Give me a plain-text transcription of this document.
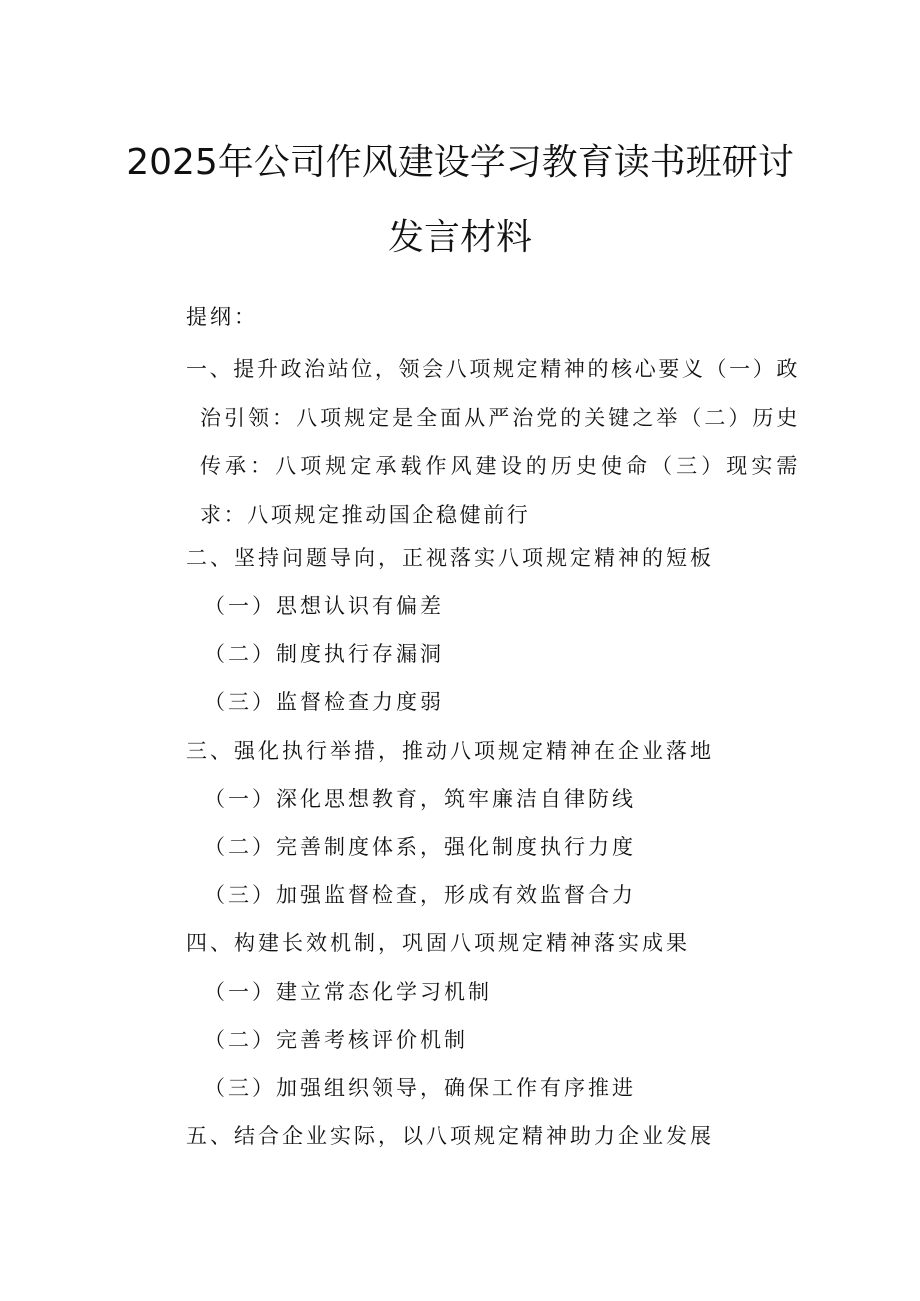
2025年公司作风建设学习教育读书班研讨
发言材料
提纲：
一、提升政治站位，领会八项规定精神的核心要义（一）政治引领：八项规定是全面从严治党的关键之举（二）历史传承：八项规定承载作风建设的历史使命（三）现实需求：八项规定推动国企稳健前行
二、坚持问题导向，正视落实八项规定精神的短板
（一）思想认识有偏差
（二）制度执行存漏洞
（三）监督检查力度弱
三、强化执行举措，推动八项规定精神在企业落地
（一）深化思想教育，筑牢廉洁自律防线
（二）完善制度体系，强化制度执行力度
（三）加强监督检查，形成有效监督合力
四、构建长效机制，巩固八项规定精神落实成果
（一）建立常态化学习机制
（二）完善考核评价机制
（三）加强组织领导，确保工作有序推进
五、结合企业实际，以八项规定精神助力企业发展
